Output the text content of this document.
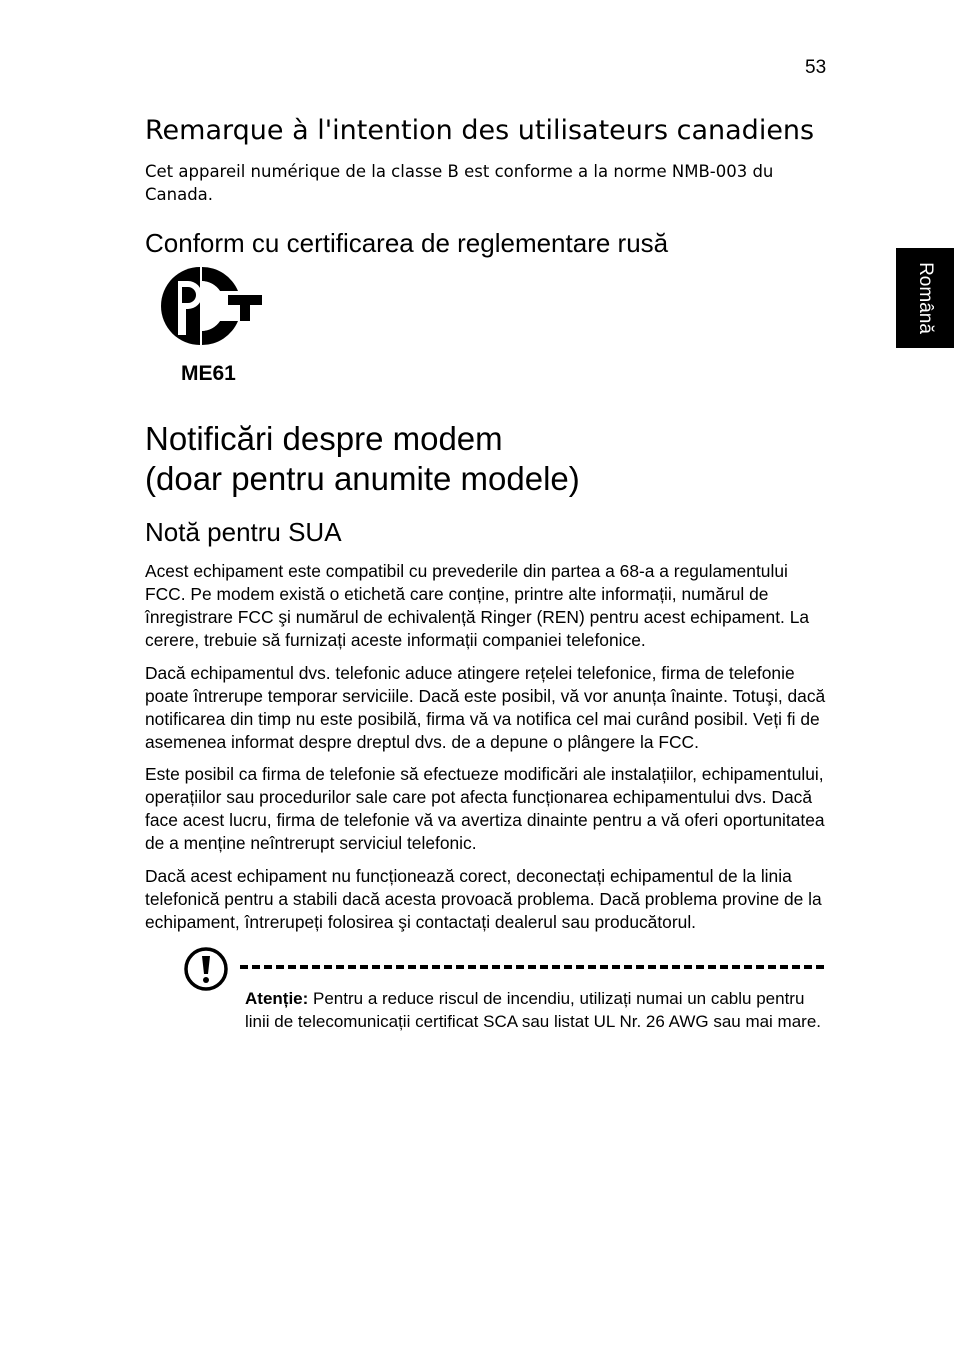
53
Română
Remarque à l'intention des utilisateurs canadiens
Cet appareil numérique de la classe B est conforme a la norme NMB-003 du Canada.
Conform cu certificarea de reglementare rusă
ME61
Notificări despre modem
(doar pentru anumite modele)
Notă pentru SUA

Acest echipament este compatibil cu prevederile din partea a 68-a a regulamentului FCC. Pe modem există o etichetă care conține, printre alte informații, numărul de înregistrare FCC şi numărul de echivalență Ringer (REN) pentru acest echipament. La cerere, trebuie să furnizați aceste informații companiei telefonice.

Dacă echipamentul dvs. telefonic aduce atingere rețelei telefonice, firma de telefonie poate întrerupe temporar serviciile. Dacă este posibil, vă vor anunța înainte. Totuşi, dacă notificarea din timp nu este posibilă, firma vă va notifica cel mai curând posibil. Veți fi de asemenea informat despre dreptul dvs. de a depune o plângere la FCC.

Este posibil ca firma de telefonie să efectueze modificări ale instalațiilor, echipamentului, operațiilor sau procedurilor sale care pot afecta funcționarea echipamentului dvs. Dacă face acest lucru, firma de telefonie vă va avertiza dinainte pentru a vă oferi oportunitatea de a menține neîntrerupt serviciul telefonic.

Dacă acest echipament nu funcționează corect, deconectați echipamentul de la linia telefonică pentru a stabili dacă acesta provoacă problema. Dacă problema provine de la echipament, întrerupeți folosirea şi contactați dealerul sau producătorul.

Atenție: Pentru a reduce riscul de incendiu, utilizați numai un cablu pentru linii de telecomunicații certificat SCA sau listat UL Nr. 26 AWG sau mai mare.
